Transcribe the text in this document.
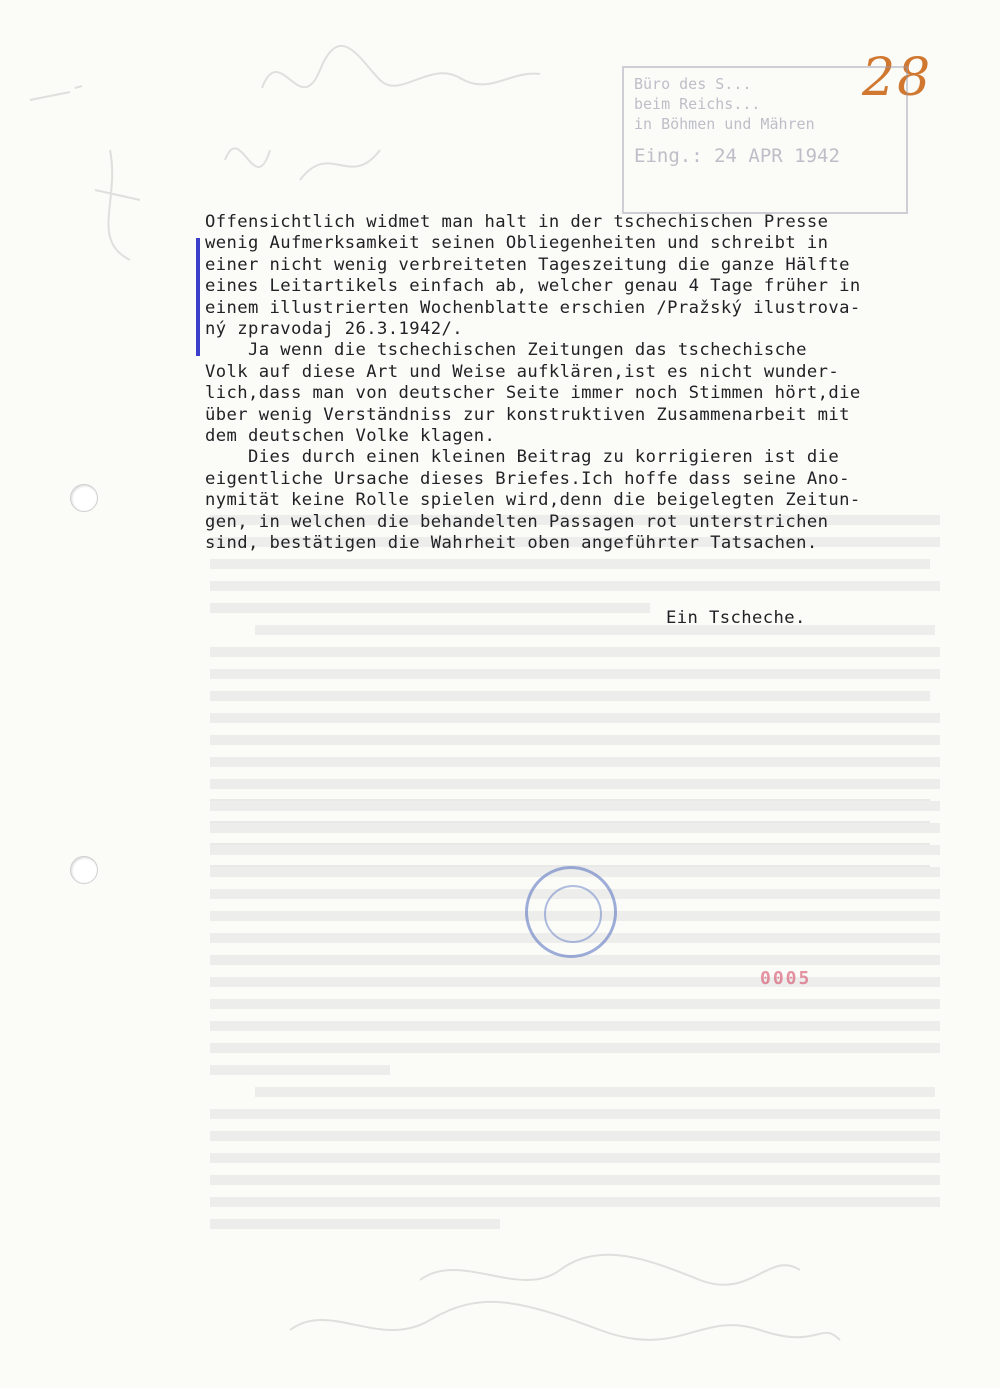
28
Büro des S...
beim Reichs...
in Böhmen und Mähren
Eing.: 24 APR 1942

Offensichtlich widmet man halt in der tschechischen Presse

wenig Aufmerksamkeit seinen Obliegenheiten und schreibt in

einer nicht wenig verbreiteten Tageszeitung die ganze Hälfte

eines Leitartikels einfach ab, welcher genau 4 Tage früher in

einem illustrierten Wochenblatte erschien /Pražský ilustrova-

ný zpravodaj 26.3.1942/.

Ja wenn die tschechischen Zeitungen das tschechische

Volk auf diese Art und Weise aufklären,ist es nicht wunder-

lich,dass man von deutscher Seite immer noch Stimmen hört,die

über wenig Verständniss zur konstruktiven Zusammenarbeit mit

dem deutschen Volke klagen.

Dies durch einen kleinen Beitrag zu korrigieren ist die

eigentliche Ursache dieses Briefes.Ich hoffe dass seine Ano-

nymität keine Rolle spielen wird,denn die beigelegten Zeitun-

gen, in welchen die behandelten Passagen rot unterstrichen

sind, bestätigen die Wahrheit oben angeführter Tatsachen.

Ein Tscheche.
0005
